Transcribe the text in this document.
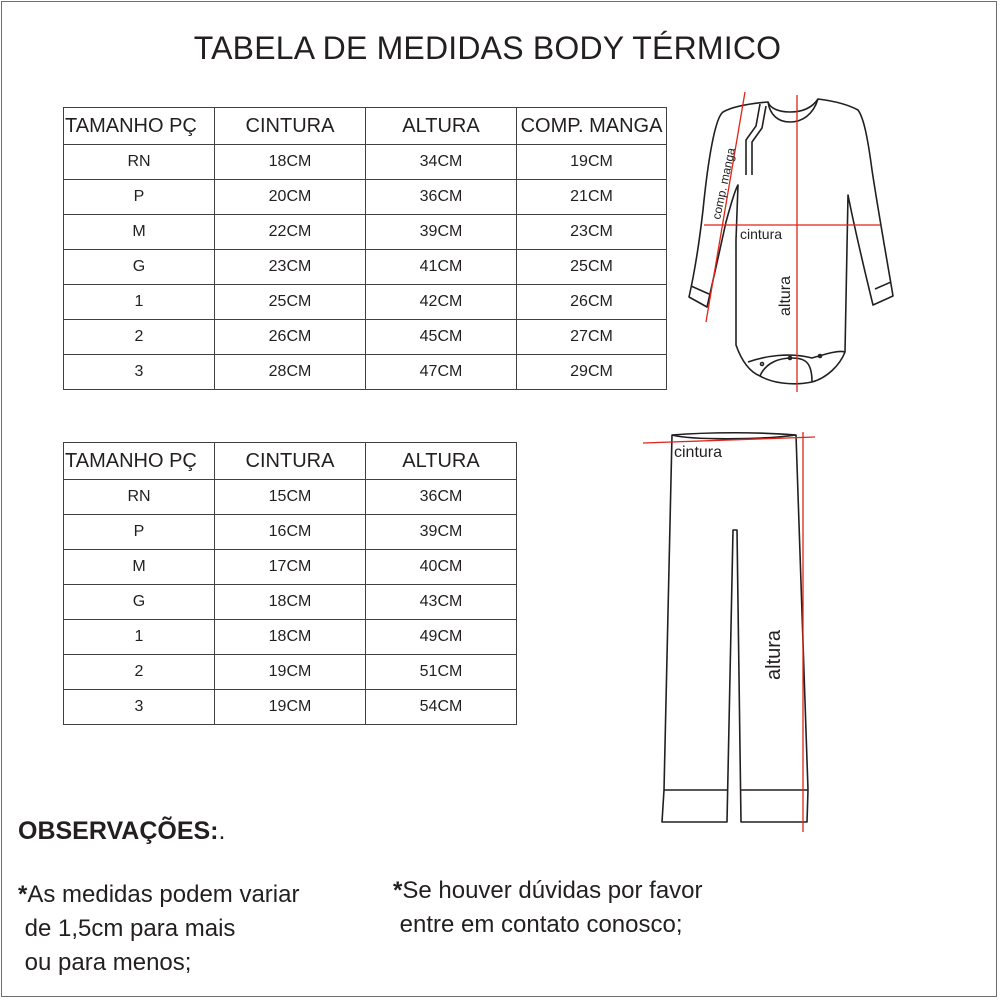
TABELA DE MEDIDAS BODY TÉRMICO
TAMANHO PÇ	CINTURA	ALTURA	COMP. MANGA
RN	18CM	34CM	19CM
P	20CM	36CM	21CM
M	22CM	39CM	23CM
G	23CM	41CM	25CM
1	25CM	42CM	26CM
2	26CM	45CM	27CM
3	28CM	47CM	29CM
TAMANHO PÇ	CINTURA	ALTURA
RN	15CM	36CM
P	16CM	39CM
M	17CM	40CM
G	18CM	43CM
1	18CM	49CM
2	19CM	51CM
3	19CM	54CM
comp. manga
cintura
altura
cintura
altura
OBSERVAÇÕES:.
*As medidas podem variar
de 1,5cm para mais
ou para menos;
*Se houver dúvidas por favor
entre em contato conosco;
